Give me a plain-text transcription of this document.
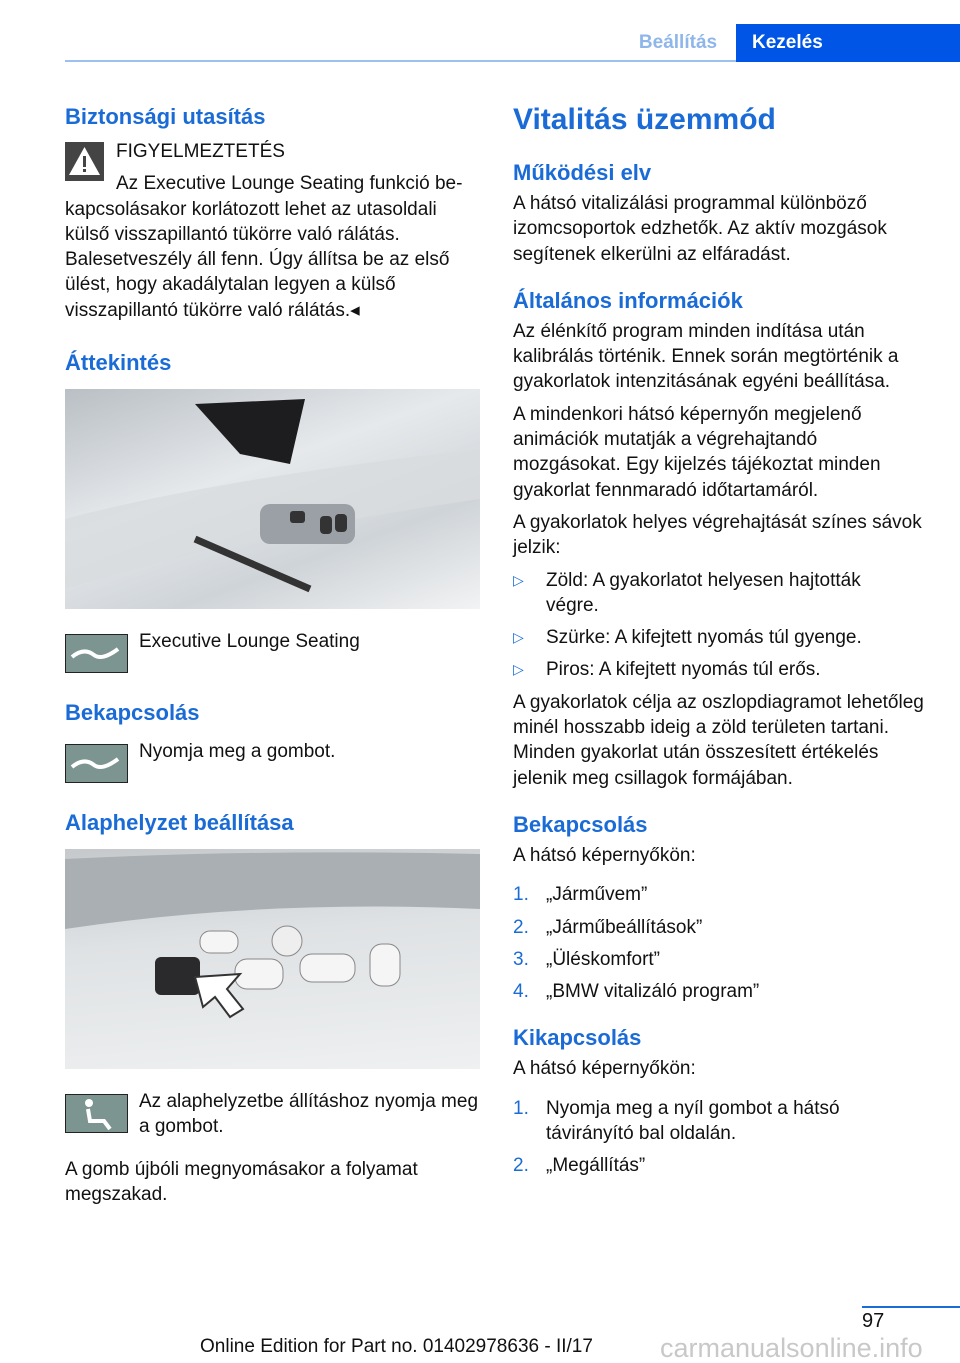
Beállítás	Kezelés
Biztonsági utasítás

FIGYELMEZTETÉS

Az Executive Lounge Seating funkció be-

kapcsolásakor korlátozott lehet az utasoldali külső visszapillantó tükörre való rálátás. Balesetveszély áll fenn. Úgy állítsa be az első ülést, hogy akadálytalan legyen a külső visszapillantó tükörre való rálátás.◂

Áttekintés

Executive Lounge Seating

Bekapcsolás

Nyomja meg a gombot.

Alaphelyzet beállítása

Az alaphelyzetbe állításhoz nyomja meg a gombot.

A gomb újbóli megnyomásakor a folyamat megszakad.

Vitalitás üzemmód
Működési elv

A hátsó vitalizálási programmal különböző izomcsoportok edzhetők. Az aktív mozgások segítenek elkerülni az elfáradást.

Általános információk

Az élénkítő program minden indítása után kalibrálás történik. Ennek során megtörténik a gyakorlatok intenzitásának egyéni beállítása.

A mindenkori hátsó képernyőn megjelenő animációk mutatják a végrehajtandó mozgásokat. Egy kijelzés tájékoztat minden gyakorlat fennmaradó időtartamáról.

A gyakorlatok helyes végrehajtását színes sávok jelzik:

▷ Zöld: A gyakorlatot helyesen hajtották végre.
▷ Szürke: A kifejtett nyomás túl gyenge.
▷ Piros: A kifejtett nyomás túl erős.

A gyakorlatok célja az oszlopdiagramot lehetőleg minél hosszabb ideig a zöld területen tartani. Minden gyakorlat után összesített értékelés jelenik meg csillagok formájában.

Bekapcsolás

A hátsó képernyőkön:

1. „Járművem”
2. „Járműbeállítások”
3. „Üléskomfort”
4. „BMW vitalizáló program”
Kikapcsolás

A hátsó képernyőkön:

1. Nyomja meg a nyíl gombot a hátsó távirányító bal oldalán.
2. „Megállítás”
97
Online Edition for Part no. 01402978636 - II/17 carmanualsonline.info
